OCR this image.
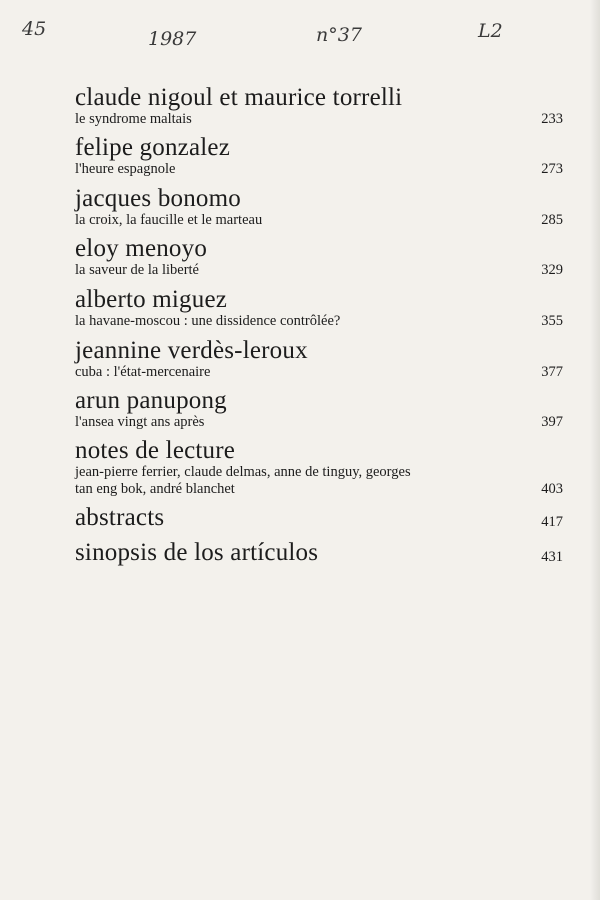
45	1987	n°37	L2
claude nigoul et maurice torrelli
le syndrome maltais	233
felipe gonzalez
l'heure espagnole	273
jacques bonomo
la croix, la faucille et le marteau	285
eloy menoyo
la saveur de la liberté	329
alberto miguez
la havane-moscou : une dissidence contrôlée?	355
jeannine verdès-leroux
cuba : l'état-mercenaire	377
arun panupong
l'ansea vingt ans après	397
notes de lecture
jean-pierre ferrier, claude delmas, anne de tinguy, georges
tan eng bok, andré blanchet	403
abstracts	417
sinopsis de los artículos	431
